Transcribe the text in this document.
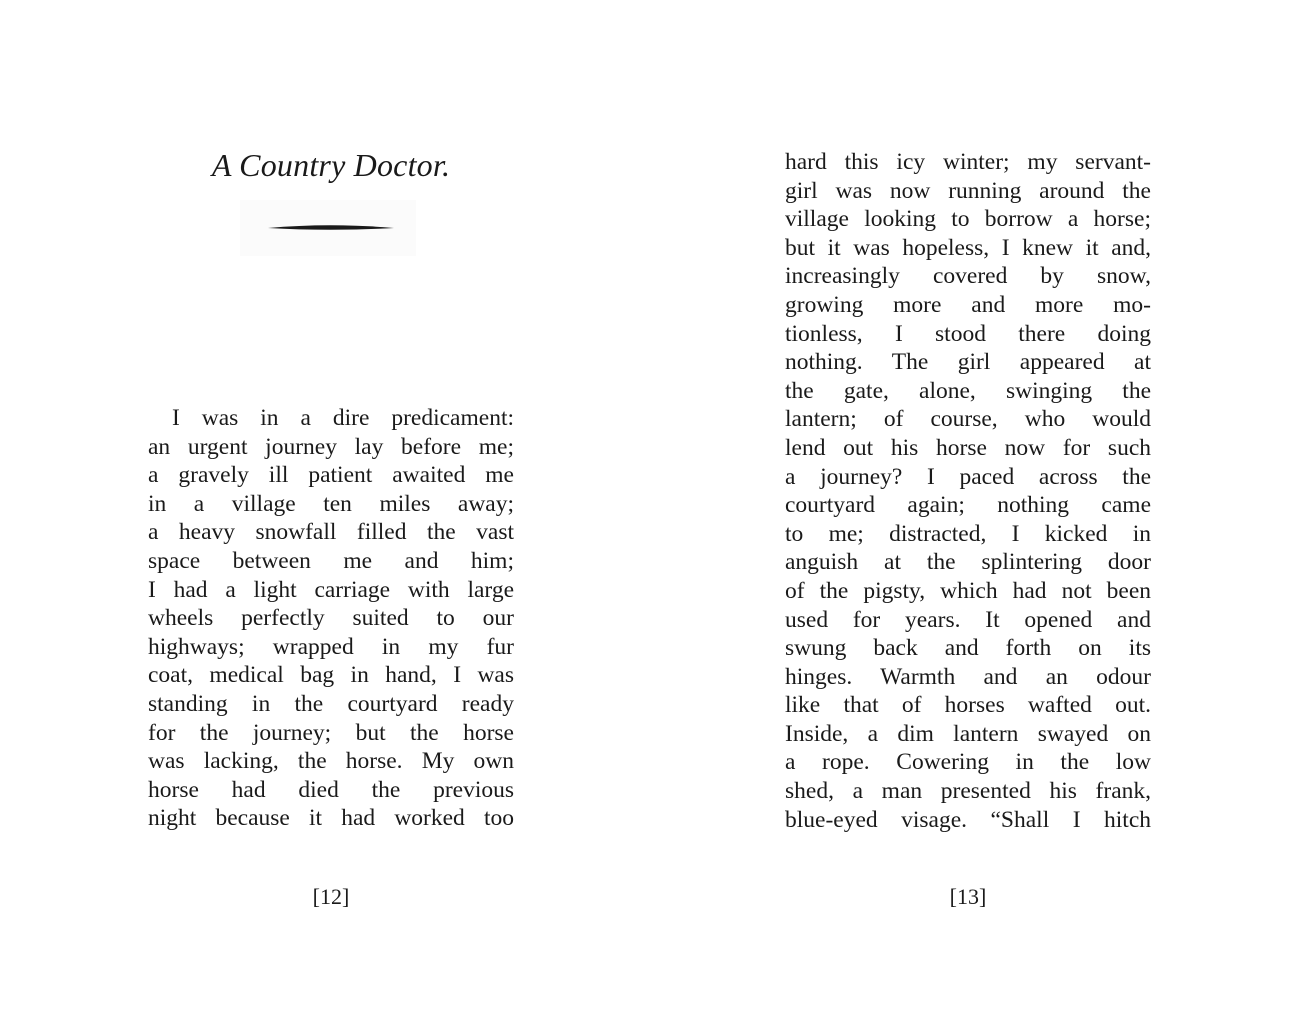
A Country Doctor.
I was in a dire predicament:
an urgent journey lay before me;
a gravely ill patient awaited me
in a village ten miles away;
a heavy snowfall filled the vast
space between me and him;
I had a light carriage with large
wheels perfectly suited to our
highways; wrapped in my fur
coat, medical bag in hand, I was
standing in the courtyard ready
for the journey; but the horse
was lacking, the horse. My own
horse had died the previous
night because it had worked too
[12]
hard this icy winter; my servant-
girl was now running around the
village looking to borrow a horse;
but it was hopeless, I knew it and,
increasingly covered by snow,
growing more and more mo-
tionless, I stood there doing
nothing. The girl appeared at
the gate, alone, swinging the
lantern; of course, who would
lend out his horse now for such
a journey? I paced across the
courtyard again; nothing came
to me; distracted, I kicked in
anguish at the splintering door
of the pigsty, which had not been
used for years. It opened and
swung back and forth on its
hinges. Warmth and an odour
like that of horses wafted out.
Inside, a dim lantern swayed on
a rope. Cowering in the low
shed, a man presented his frank,
blue-eyed visage. “Shall I hitch
[13]
